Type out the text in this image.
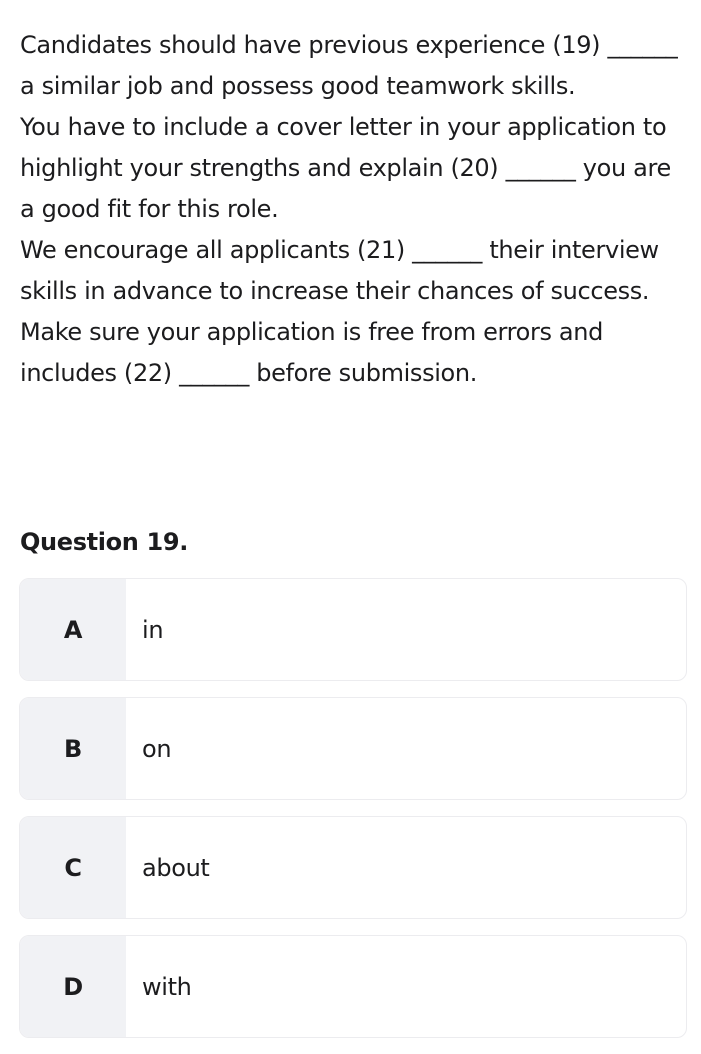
Candidates should have previous experience (19) ______ a similar job and possess good teamwork skills.

You have to include a cover letter in your application to highlight your strengths and explain (20) ______ you are a good fit for this role.

We encourage all applicants (21) ______ their interview skills in advance to increase their chances of success.

Make sure your application is free from errors and includes (22) ______ before submission.

Question 19.
A	in
B	on
C	about
D	with
